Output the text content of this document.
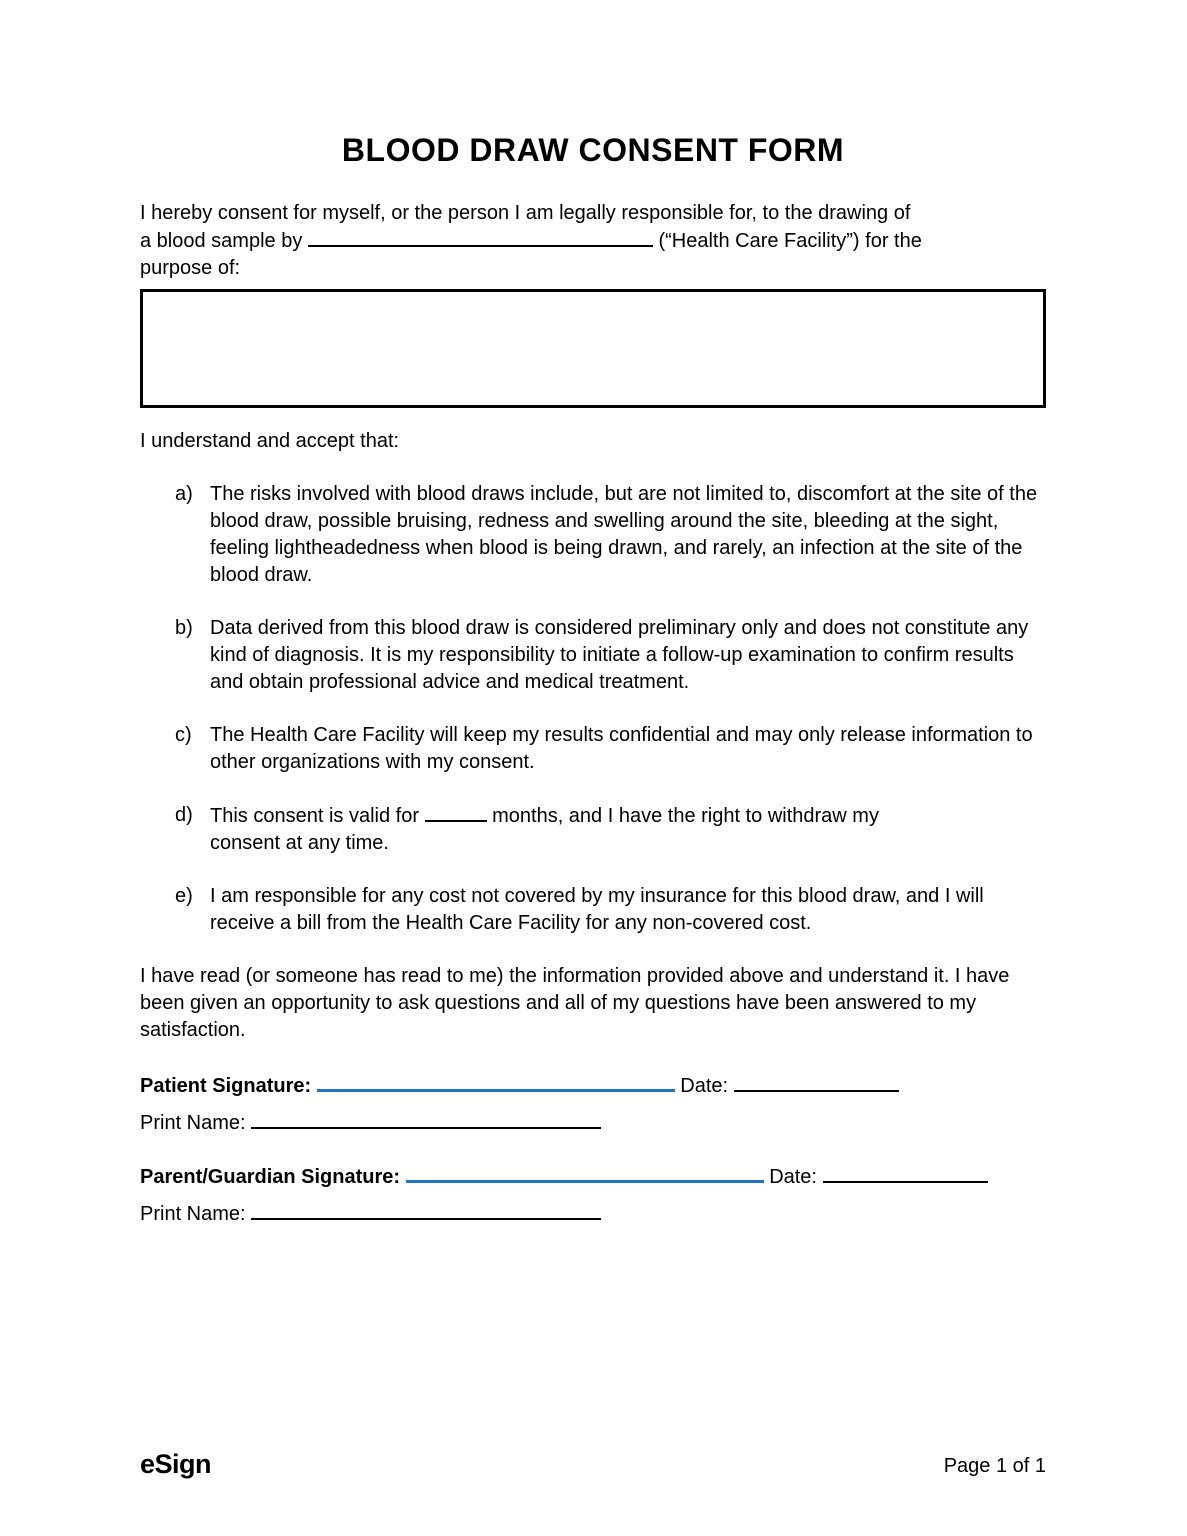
BLOOD DRAW CONSENT FORM

I hereby consent for myself, or the person I am legally responsible for, to the drawing of
a blood sample by	(“Health Care Facility”) for the
purpose of:

I understand and accept that:

a) The risks involved with blood draws include, but are not limited to, discomfort at the site of the blood draw, possible bruising, redness and swelling around the site, bleeding at the sight, feeling lightheadedness when blood is being drawn, and rarely, an infection at the site of the blood draw.
b) Data derived from this blood draw is considered preliminary only and does not constitute any kind of diagnosis. It is my responsibility to initiate a follow-up examination to confirm results and obtain professional advice and medical treatment.
c) The Health Care Facility will keep my results confidential and may only release information to other organizations with my consent.
d) This consent is valid for	months, and I have the right to withdraw my
consent at any time.
e) I am responsible for any cost not covered by my insurance for this blood draw, and I will receive a bill from the Health Care Facility for any non-covered cost.

I have read (or someone has read to me) the information provided above and understand it. I have been given an opportunity to ask questions and all of my questions have been answered to my satisfaction.

Patient Signature:	Date:
Print Name:
Parent/Guardian Signature:	Date:
Print Name:
eSign	Page 1 of 1
